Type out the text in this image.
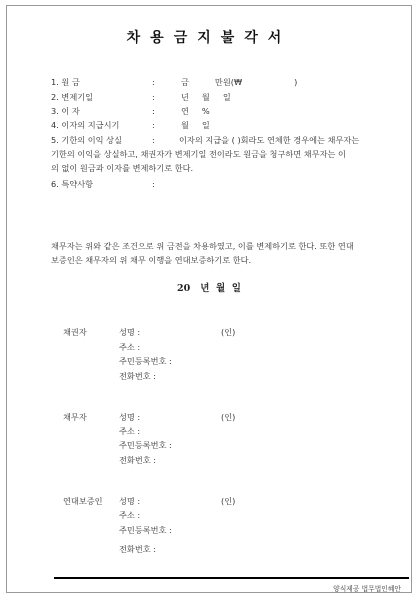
차용금지불각서
1. 원 금	:	금          만원(₩                    )
2. 변제기일	:	년     월     일
3. 이 자	:	연     %
4. 이자의 지급시기	:	월     일
5. 기한의 이익 상실	:	이자의 지급을 ( )회라도 연체한 경우에는 채무자는
기한의 이익을 상실하고, 채권자가 변제기일 전이라도 원금을 청구하면 채무자는 이
의 없이 원금과 이자를 변제하기로 한다.
6. 특약사항	:
채무자는 위와 같은 조건으로 위 금전을 차용하였고, 이를 변제하기로 한다. 또한 연대
보증인은 채무자의 위 채무 이행을 연대보증하기로 한다.
20   년  월  일
채권자	성명 :	(인)
주소 :
주민등록번호 :
전화번호 :
채무자	성명 :	(인)
주소 :
주민등록번호 :
전화번호 :
연대보증인 성명 :	(인)
주소 :
주민등록번호 :
전화번호 :
양식제공 법무법인혜안
